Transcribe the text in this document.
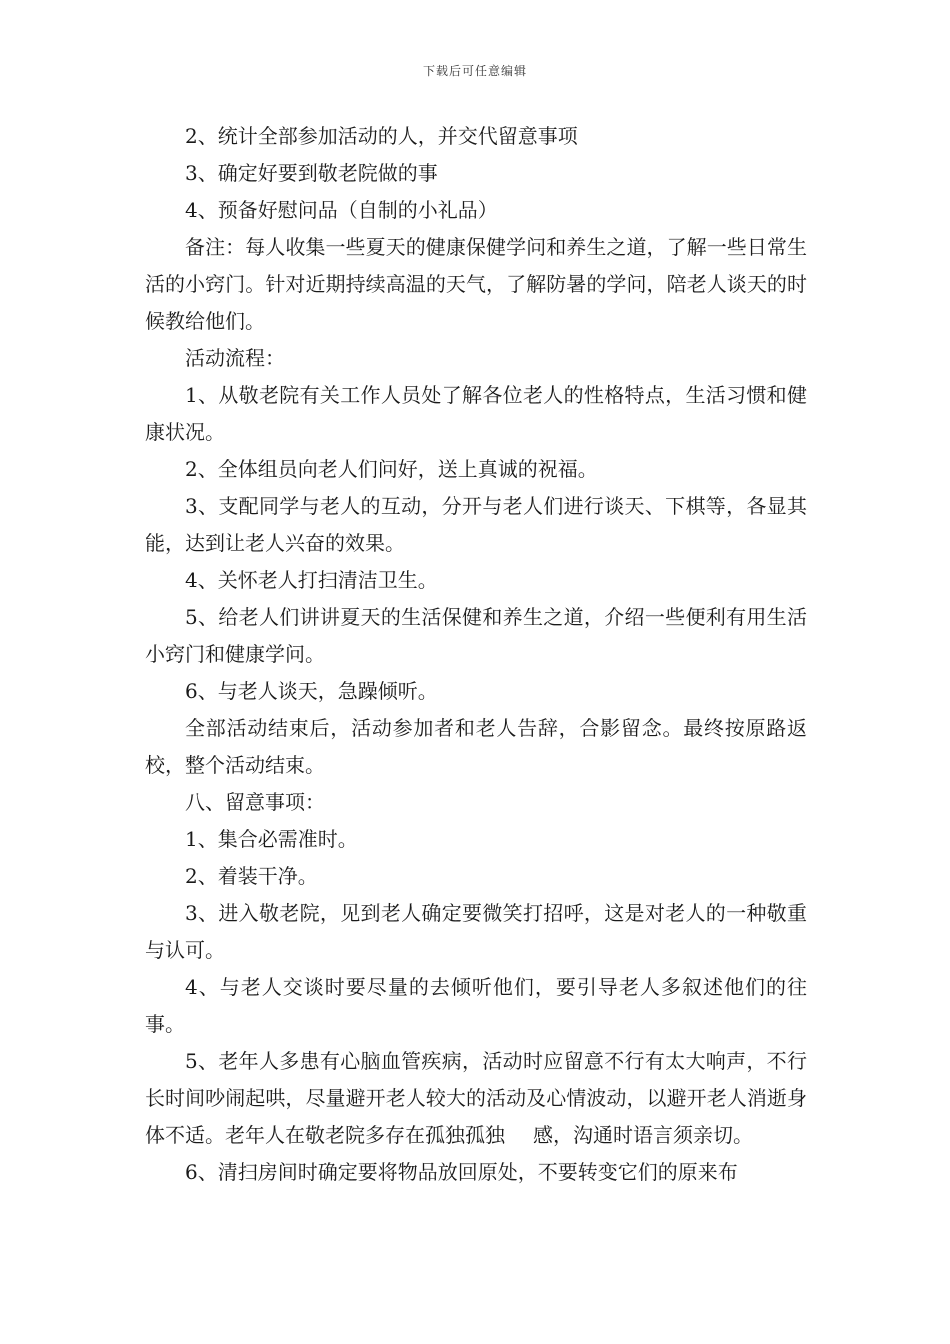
下载后可任意编辑

2、统计全部参加活动的人，并交代留意事项

3、确定好要到敬老院做的事

4、预备好慰问品（自制的小礼品）

备注：每人收集一些夏天的健康保健学问和养生之道，了解一些日常生活的小窍门。针对近期持续高温的天气，了解防暑的学问，陪老人谈天的时候教给他们。

活动流程：

1、从敬老院有关工作人员处了解各位老人的性格特点，生活习惯和健康状况。

2、全体组员向老人们问好，送上真诚的祝福。

3、支配同学与老人的互动，分开与老人们进行谈天、下棋等，各显其能，达到让老人兴奋的效果。

4、关怀老人打扫清洁卫生。

5、给老人们讲讲夏天的生活保健和养生之道，介绍一些便利有用生活小窍门和健康学问。

6、与老人谈天，急躁倾听。

全部活动结束后，活动参加者和老人告辞，合影留念。最终按原路返校，整个活动结束。

八、留意事项：

1、集合必需准时。

2、着装干净。

3、进入敬老院，见到老人确定要微笑打招呼，这是对老人的一种敬重与认可。

4、与老人交谈时要尽量的去倾听他们，要引导老人多叙述他们的往事。

5、老年人多患有心脑血管疾病，活动时应留意不行有太大响声，不行长时间吵闹起哄，尽量避开老人较大的活动及心情波动，以避开老人消逝身体不适。老年人在敬老院多存在孤独孤独 感，沟通时语言须亲切。

6、清扫房间时确定要将物品放回原处，不要转变它们的原来布
